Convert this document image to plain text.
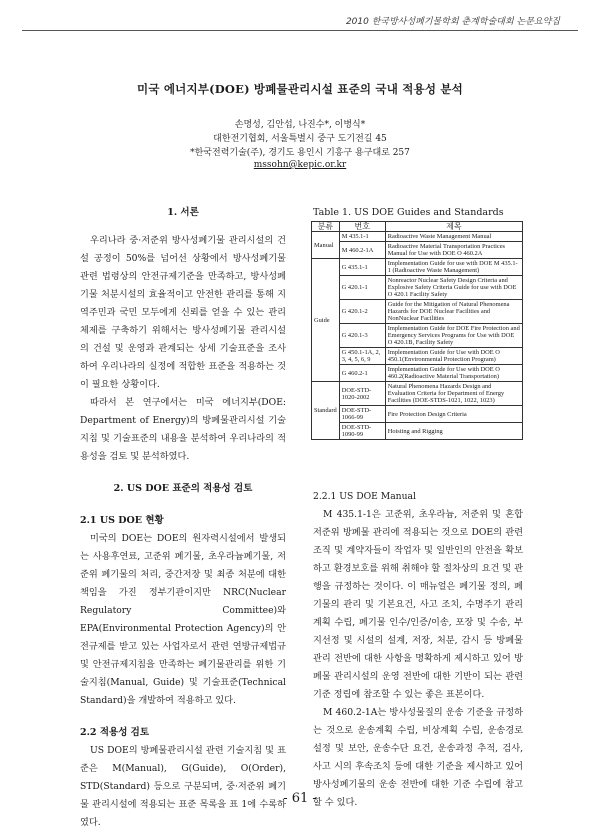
2010 한국방사성폐기물학회 춘계학술대회 논문요약집
미국 에너지부(DOE) 방폐물관리시설 표준의 국내 적용성 분석
손명성, 김안섭, 나진수*, 이병식*
대한전기협회, 서울특별시 중구 도기전길 45
*한국전력기술(주), 경기도 용인시 기흥구 용구대로 257
mssohn@kepic.or.kr
1. 서론

우리나라 중·저준위 방사성폐기물 관리시설의 건설 공정이 50%를 넘어선 상황에서 방사성폐기물 관련 법령상의 안전규제기준을 만족하고, 방사성폐기물 처분시설의 효율적이고 안전한 관리를 통해 지역주민과 국민 모두에게 신뢰를 얻을 수 있는 관리체제를 구축하기 위해서는 방사성폐기물 관리시설의 건설 및 운영과 관계되는 상세 기술표준을 조사하여 우리나라의 실정에 적합한 표준을 적용하는 것이 필요한 상황이다.

따라서 본 연구에서는 미국 에너지부(DOE: Department of Energy)의 방폐물관리시설 기술지침 및 기술표준의 내용을 분석하여 우리나라의 적용성을 검토 및 분석하였다.

2. US DOE 표준의 적용성 검토
2.1 US DOE 현황

미국의 DOE는 DOE의 원자력시설에서 발생되는 사용후연료, 고준위 폐기물, 초우라늄폐기물, 저준위 폐기물의 처리, 중간저장 및 최종 처분에 대한 책임을 가진 정부기관이지만 NRC(Nuclear Regulatory Committee)와 EPA(Environmental Protection Agency)의 안전규제를 받고 있는 사업자로서 관련 연방규제법규 및 안전규제지침을 만족하는 폐기물관리를 위한 기술지침(Manual, Guide) 및 기술표준(Technical Standard)을 개발하여 적용하고 있다.

2.2 적용성 검토

US DOE의 방폐물관리시설 관련 기술지침 및 표준은 M(Manual), G(Guide), O(Order), STD(Standard) 등으로 구분되며, 중·저준위 폐기물 관리시설에 적용되는 표준 목록을 표 1에 수록하였다.

Table 1. US DOE Guides and Standards
분류	번호	제목
Manual	M 435.1-1	Radioactive Waste Management Manual
	M 460.2-1A	Radioactive Material Transportation Practices Manual for Use with DOE O 460.2A
Guide	G 435.1-1	Implementation Guide for use with DOE M 435.1-1 (Radioactive Waste Management)
	G 420.1-1	Nonreactor Nuclear Safety Design Criteria and Explosive Safety Criteria Guide for use with DOE O 420.1 Facility Safety
	G 420.1-2	Guide for the Mitigation of Natural Phenomena Hazards for DOE Nuclear Facilities and NonNuclear Facilities
	G 420.1-3	Implementation Guide for DOE Fire Protection and Emergency Services Programs for Use with DOE O 420.1B, Facility Safety
	G 450.1-1A, 2, 3, 4, 5, 6, 9	Implementation Guide for Use with DOE O 450.1(Environmental Protection Program)
	G 460.2-1	Implementation Guide for Use with DOE O 460.2(Radioactive Material Transportation)
Standard	DOE-STD-1020-2002	Natural Phenomena Hazards Design and Evaluation Criteria for Department of Energy Facilities (DOE-STDS-1021, 1022, 1023)
	DOE-STD-1066-99	Fire Protection Design Criteria
	DOE-STD-1090-99	Hoisting and Rigging
2.2.1 US DOE Manual

M 435.1-1은 고준위, 초우라늄, 저준위 및 혼합 저준위 방폐물 관리에 적용되는 것으로 DOE의 관련 조직 및 계약자들이 작업자 및 일반인의 안전을 확보하고 환경보호를 위해 취해야 할 절차상의 요건 및 관행을 규정하는 것이다. 이 매뉴얼은 폐기물 정의, 폐기물의 관리 및 기본요건, 사고 조치, 수명주기 관리계획 수립, 폐기물 인수/인증/이송, 포장 및 수송, 부지선정 및 시설의 설계, 저장, 처분, 감시 등 방폐물 관리 전반에 대한 사항을 명확하게 제시하고 있어 방폐물 관리시설의 운영 전반에 대한 기반이 되는 관련 기준 정립에 참조할 수 있는 좋은 표본이다.

M 460.2-1A는 방사성물질의 운송 기준을 규정하는 것으로 운송계획 수립, 비상계획 수립, 운송경로 설정 및 보안, 운송수단 요건, 운송과정 추적, 검사, 사고 시의 후속조치 등에 대한 기준을 제시하고 있어 방사성폐기물의 운송 전반에 대한 기준 수립에 참고할 수 있다.

- 61 -
